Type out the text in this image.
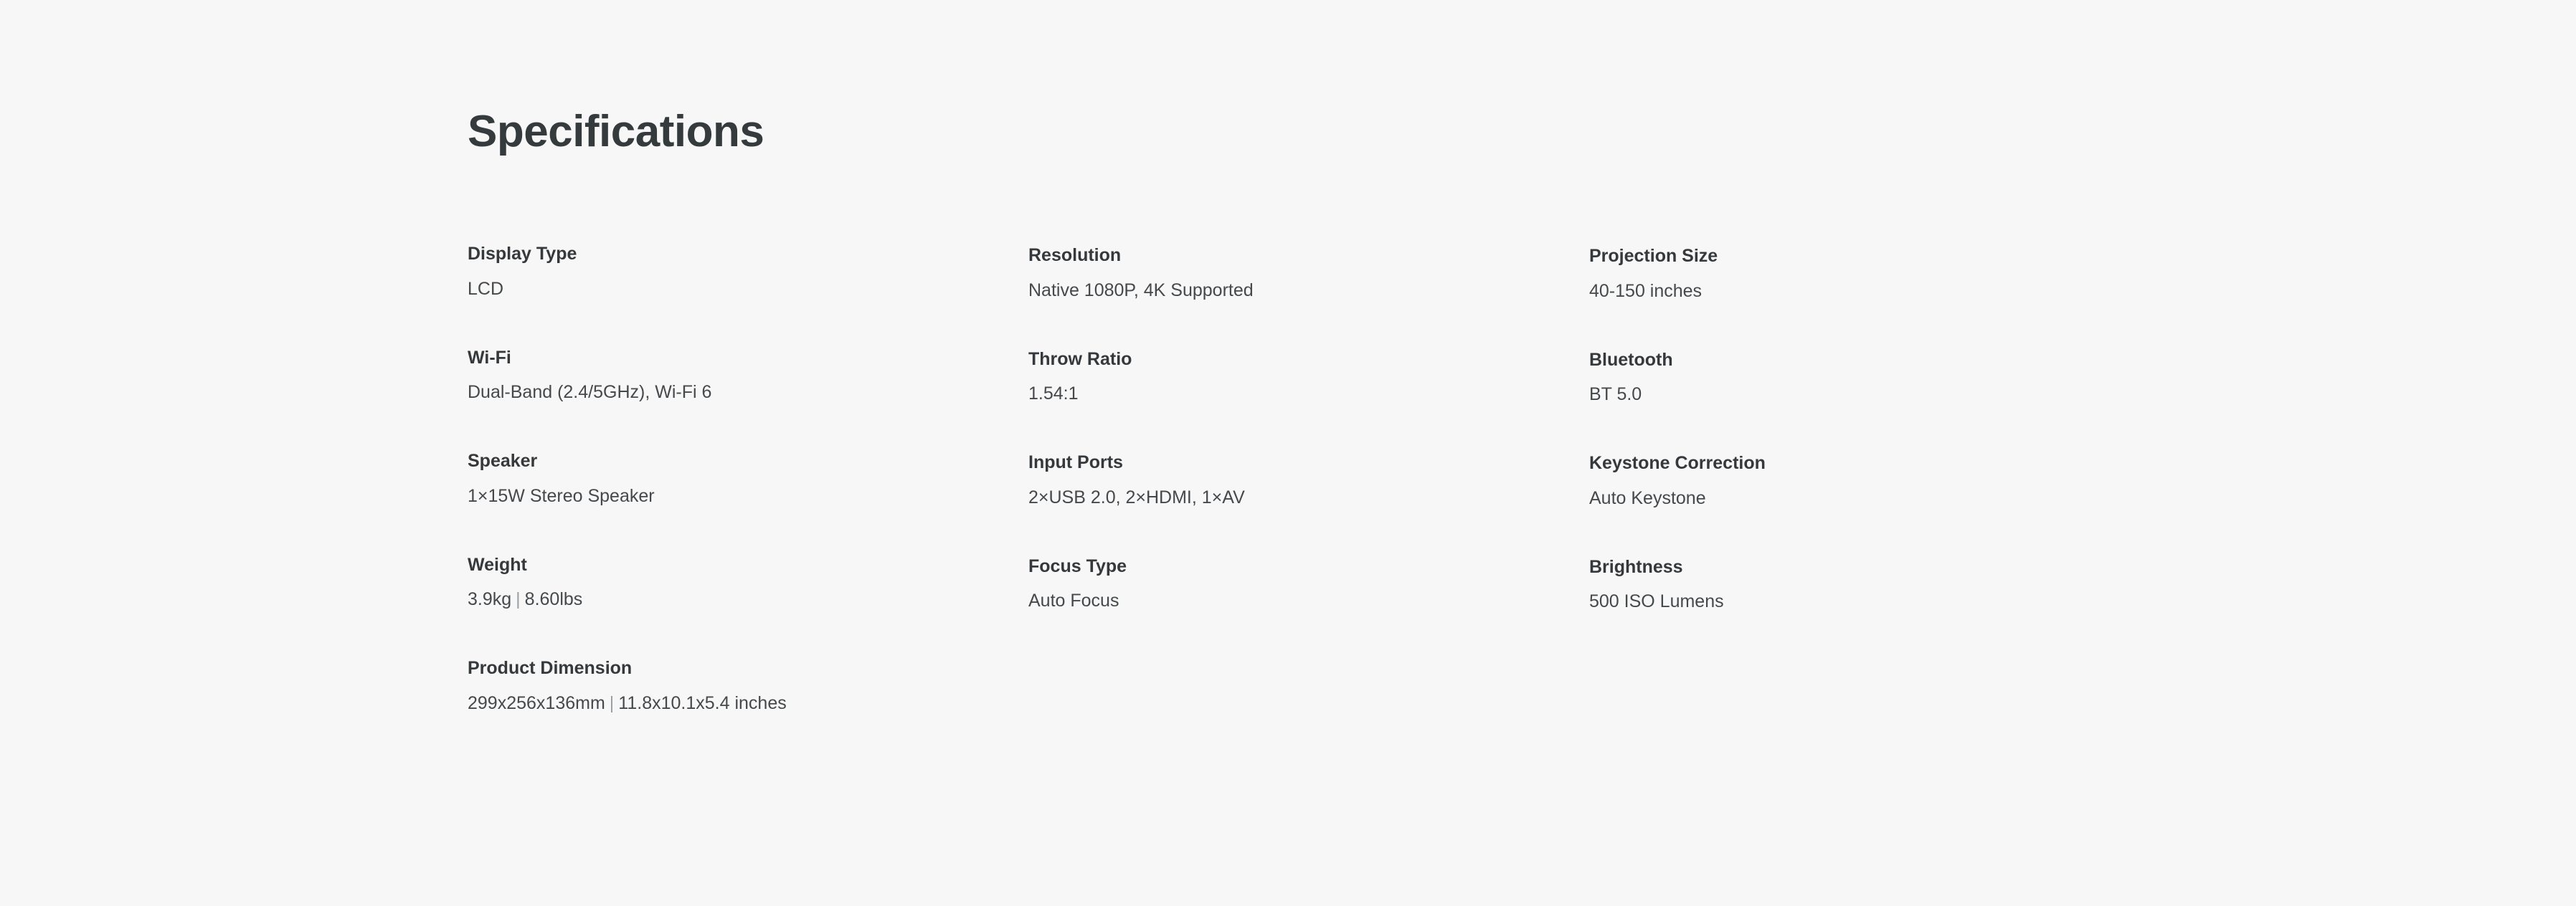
Specifications
Display Type
LCD
Wi-Fi
Dual-Band (2.4/5GHz), Wi-Fi 6
Speaker
1×15W Stereo Speaker
Weight
3.9kg | 8.60lbs
Product Dimension
299x256x136mm | 11.8x10.1x5.4 inches
Resolution
Native 1080P, 4K Supported
Throw Ratio
1.54:1
Input Ports
2×USB 2.0, 2×HDMI, 1×AV
Focus Type
Auto Focus
Projection Size
40-150 inches
Bluetooth
BT 5.0
Keystone Correction
Auto Keystone
Brightness
500 ISO Lumens
